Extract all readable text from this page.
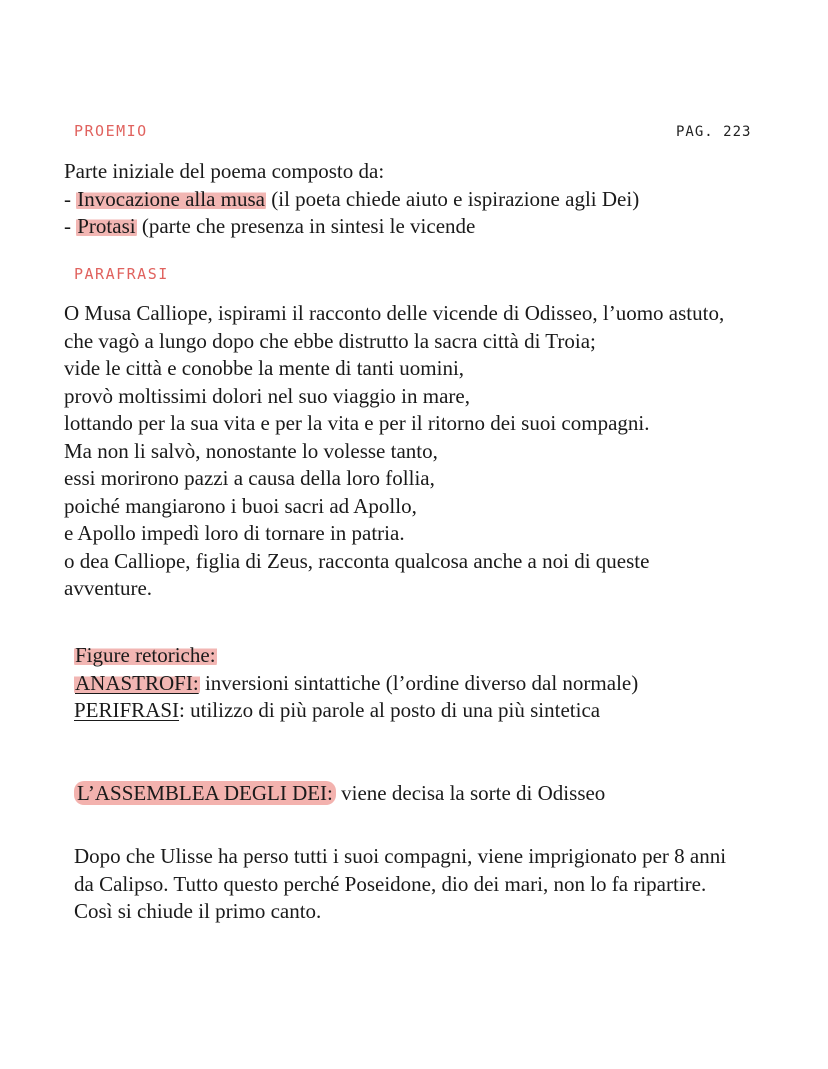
PROEMIO	PAG. 223
Parte iniziale del poema composto da:
- Invocazione alla musa (il poeta chiede aiuto e ispirazione agli Dei)
- Protasi (parte che presenza in sintesi le vicende
PARAFRASI
O Musa Calliope, ispirami il racconto delle vicende di Odisseo, l’uomo astuto,
che vagò a lungo dopo che ebbe distrutto la sacra città di Troia;
vide le città e conobbe la mente di tanti uomini,
provò moltissimi dolori nel suo viaggio in mare,
lottando per la sua vita e per la vita e per il ritorno dei suoi compagni.
Ma non li salvò, nonostante lo volesse tanto,
essi morirono pazzi a causa della loro follia,
poiché mangiarono i buoi sacri ad Apollo,
e Apollo impedì loro di tornare in patria.
o dea Calliope, figlia di Zeus, racconta qualcosa anche a noi di queste
avventure.
Figure retoriche:
ANASTROFI: inversioni sintattiche (l’ordine diverso dal normale)
PERIFRASI: utilizzo di più parole al posto di una più sintetica
L’ASSEMBLEA DEGLI DEI: viene decisa la sorte di Odisseo
Dopo che Ulisse ha perso tutti i suoi compagni, viene imprigionato per 8 anni
da Calipso. Tutto questo perché Poseidone, dio dei mari, non lo fa ripartire.
Così si chiude il primo canto.
